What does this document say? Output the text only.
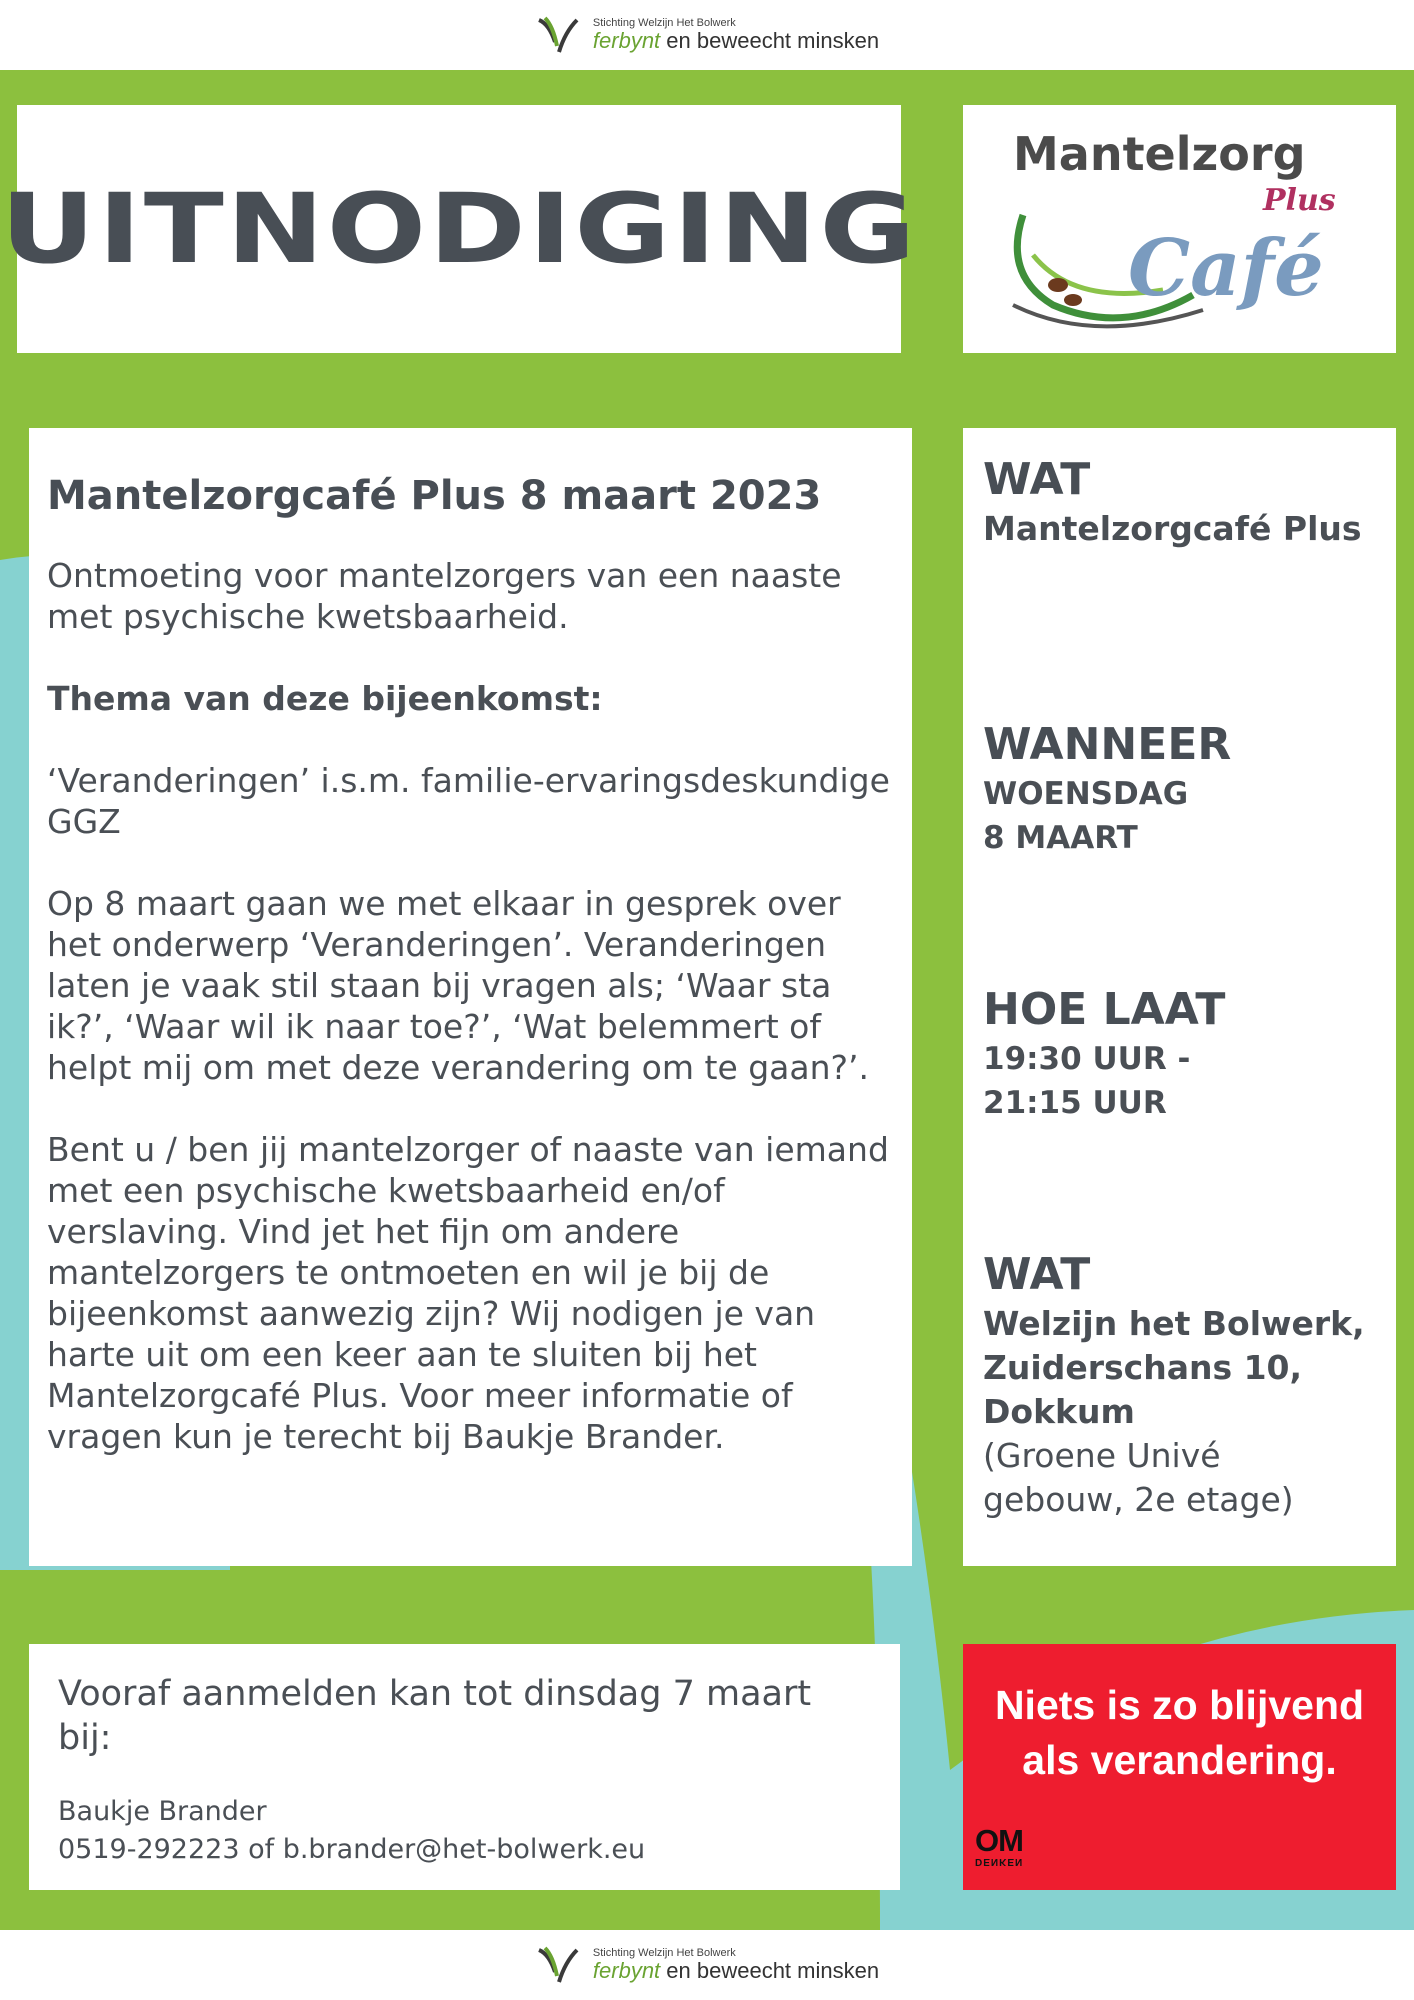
Stichting Welzijn Het Bolwerk
ferbynt en beweecht minsken
UITNODIGING
Mantelzorg
Plus
Café
Mantelzorgcafé Plus 8 maart 2023

Ontmoeting voor mantelzorgers van een naaste met psychische kwetsbaarheid.

Thema van deze bijeenkomst:

‘Veranderingen’ i.s.m. familie-ervaringsdeskundige GGZ

Op 8 maart gaan we met elkaar in gesprek over het onderwerp ‘Veranderingen’. Veranderingen laten je vaak stil staan bij vragen als; ‘Waar sta ik?’, ‘Waar wil ik naar toe?’, ‘Wat belemmert of helpt mij om met deze verandering om te gaan?’.

Bent u / ben jij mantelzorger of naaste van iemand met een psychische kwetsbaarheid en/of verslaving. Vind jet het fijn om andere mantelzorgers te ontmoeten en wil je bij de bijeenkomst aanwezig zijn? Wij nodigen je van harte uit om een keer aan te sluiten bij het Mantelzorgcafé Plus. Voor meer informatie of vragen kun je terecht bij Baukje Brander.

WAT

Mantelzorgcafé Plus

WANNEER

WOENSDAG

8 MAART

HOE LAAT

19:30 UUR -

21:15 UUR

WAT

Welzijn het Bolwerk,

Zuiderschans 10,

Dokkum

(Groene Univé

gebouw, 2e etage)

Vooraf aanmelden kan tot dinsdag 7 maart bij:

Baukje Brander

0519-292223 of b.brander@het-bolwerk.eu

Niets is zo blijvend
als verandering.

OM
DENKEN
Stichting Welzijn Het Bolwerk
ferbynt en beweecht minsken
